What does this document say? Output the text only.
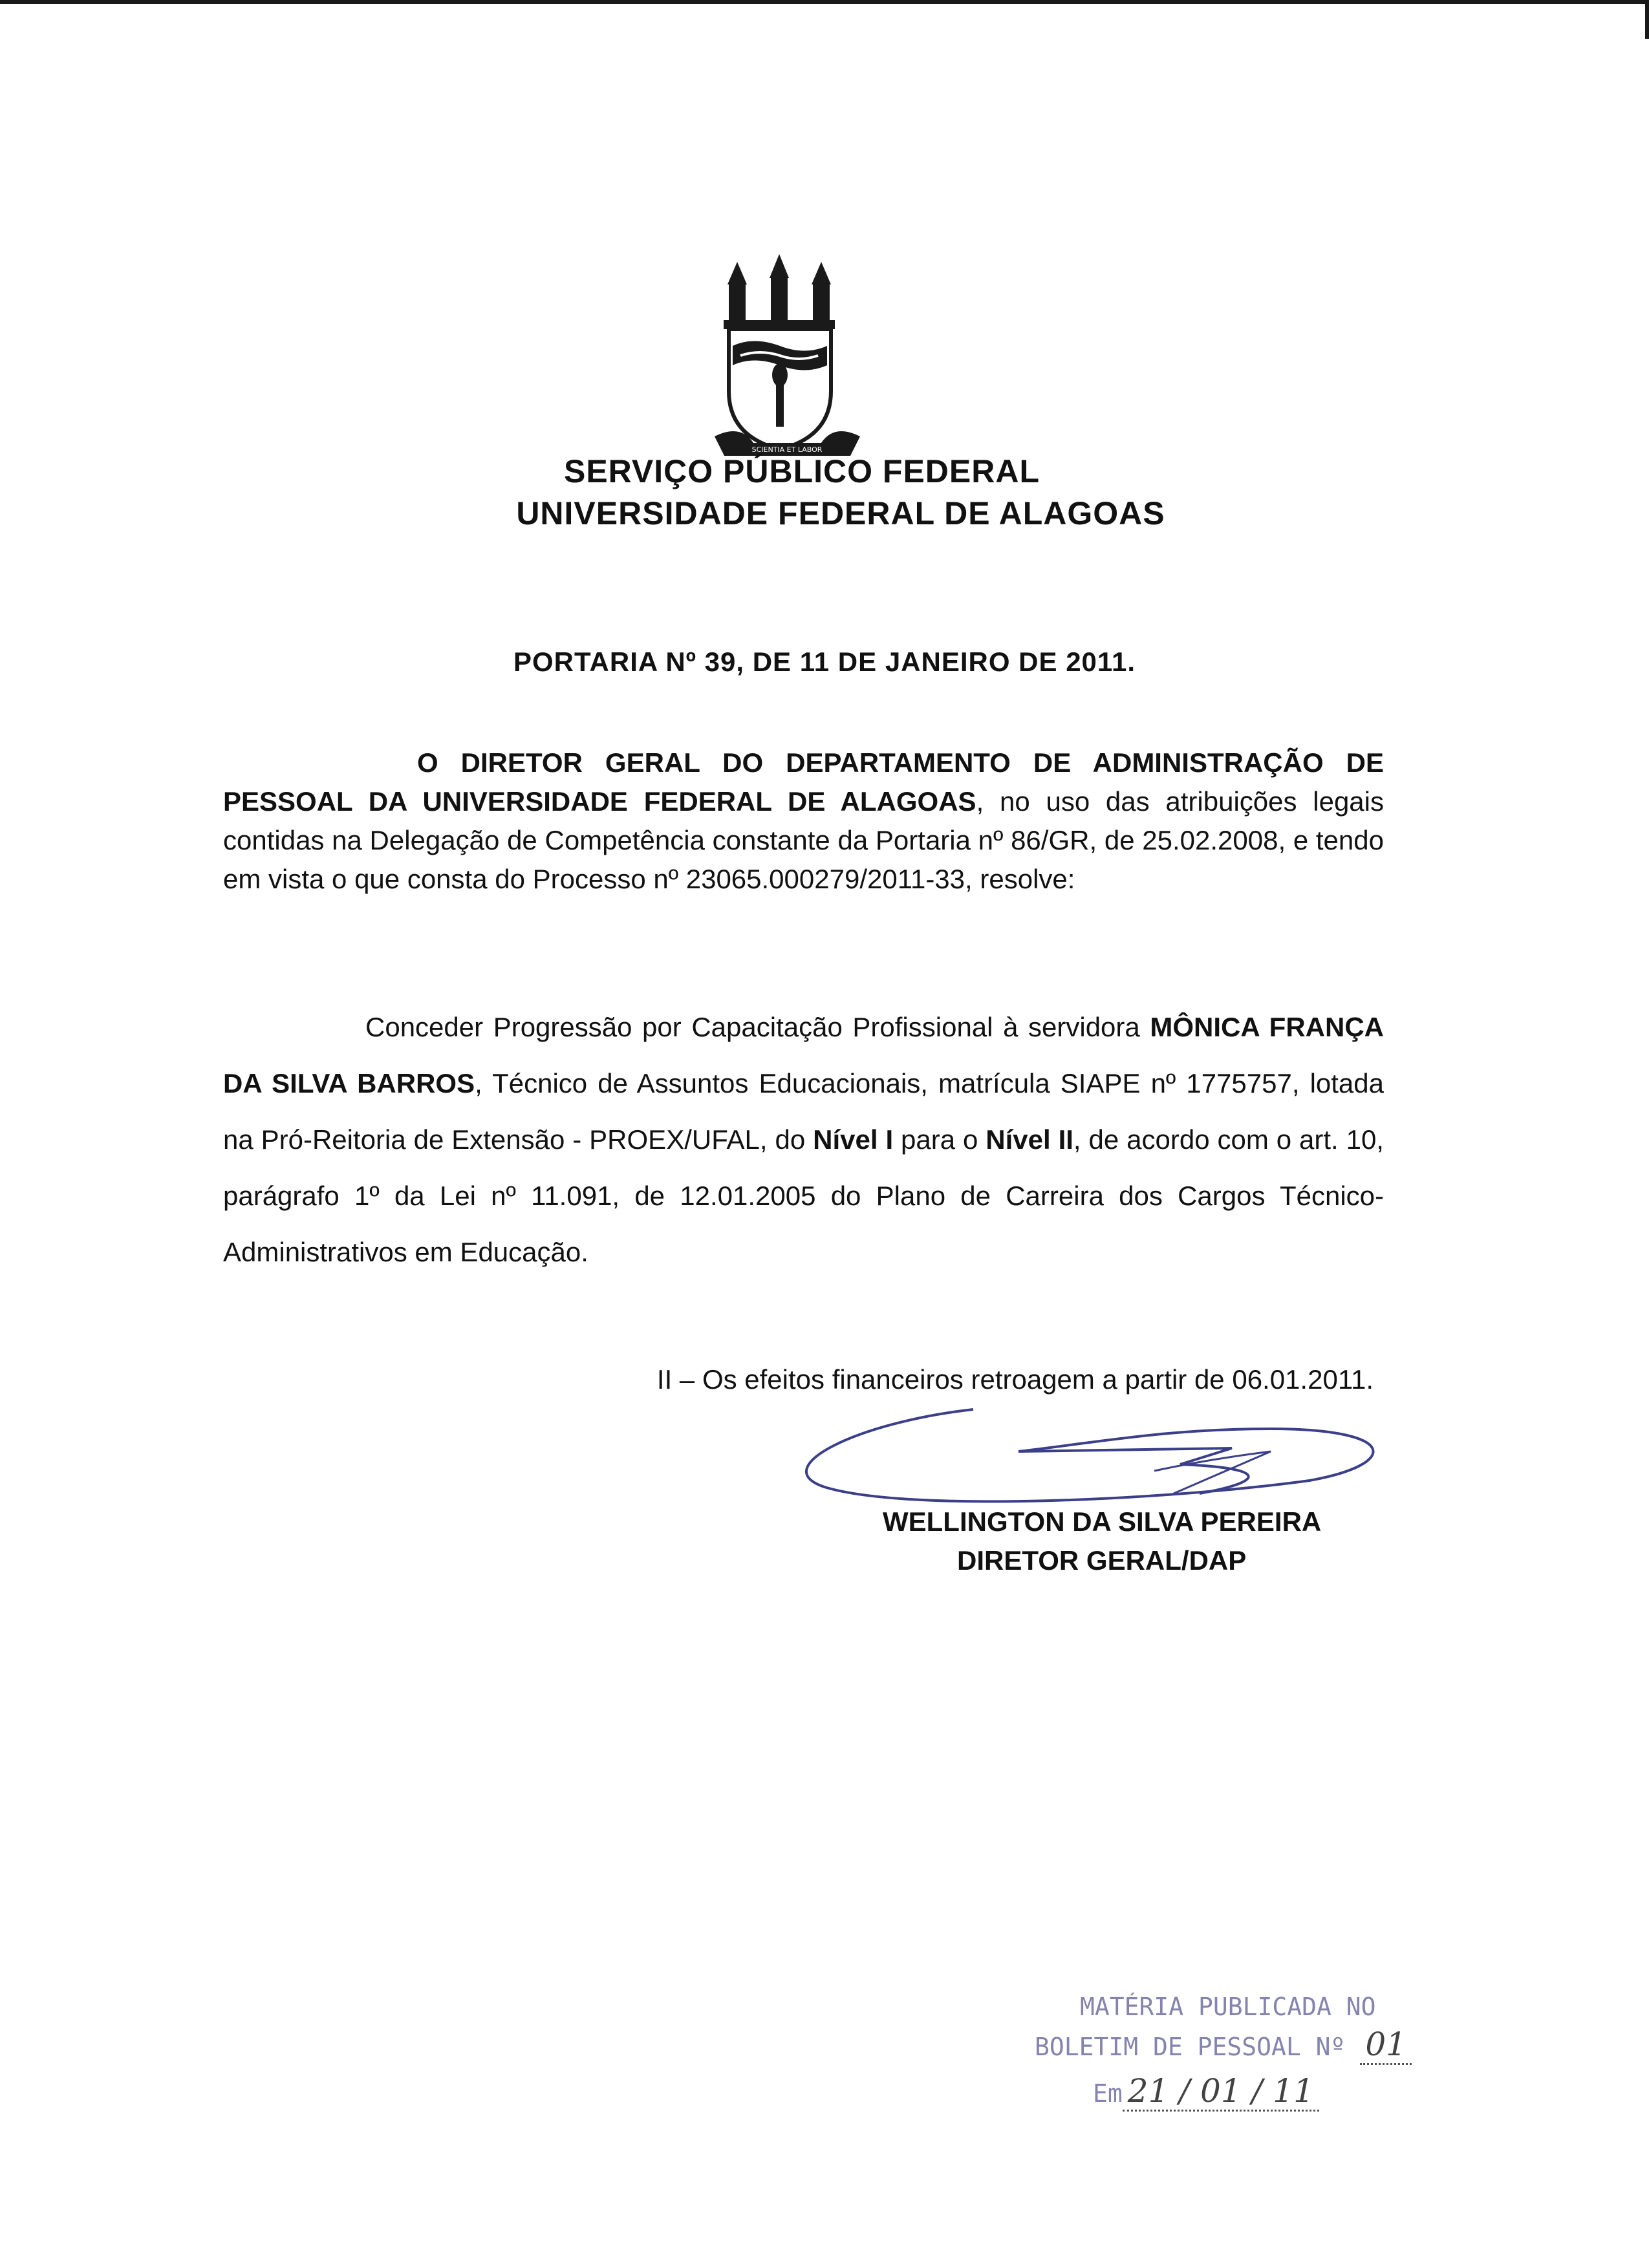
SCIENTIA ET LABOR
SERVIÇO PÚBLICO FEDERAL
UNIVERSIDADE FEDERAL DE ALAGOAS
PORTARIA Nº 39, DE 11 DE JANEIRO DE 2011.
O DIRETOR GERAL DO DEPARTAMENTO DE ADMINISTRAÇÃO DE PESSOAL DA UNIVERSIDADE FEDERAL DE ALAGOAS, no uso das atribuições legais contidas na Delegação de Competência constante da Portaria nº 86/GR, de 25.02.2008, e tendo em vista o que consta do Processo nº 23065.000279/2011-33, resolve:
Conceder Progressão por Capacitação Profissional à servidora MÔNICA FRANÇA DA SILVA BARROS, Técnico de Assuntos Educacionais, matrícula SIAPE nº 1775757, lotada na Pró-Reitoria de Extensão - PROEX/UFAL, do Nível I para o Nível II, de acordo com o art. 10, parágrafo 1º da Lei nº 11.091, de 12.01.2005 do Plano de Carreira dos Cargos Técnico-Administrativos em Educação.
II – Os efeitos financeiros retroagem a partir de 06.01.2011.
WELLINGTON DA SILVA PEREIRA
DIRETOR GERAL/DAP
MATÉRIA PUBLICADA NO
BOLETIM DE PESSOAL Nº 01
Em 21 / 01 / 11
